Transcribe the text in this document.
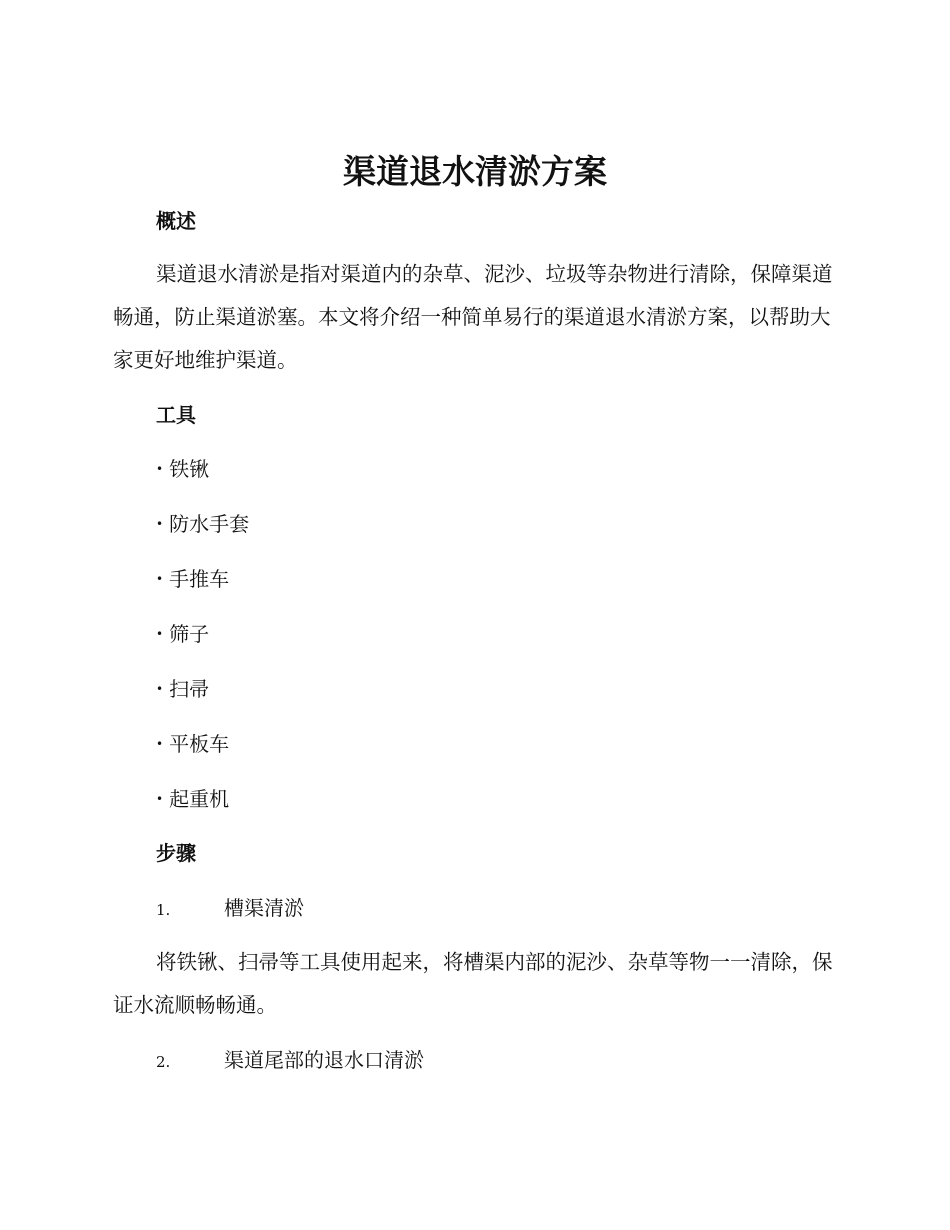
渠道退水清淤方案
概述

渠道退水清淤是指对渠道内的杂草、泥沙、垃圾等杂物进行清除，保障渠道畅通，防止渠道淤塞。本文将介绍一种简单易行的渠道退水清淤方案，以帮助大家更好地维护渠道。

工具

• 铁锹

• 防水手套

• 手推车

• 筛子

• 扫帚

• 平板车

• 起重机

步骤

1.	槽渠清淤

将铁锹、扫帚等工具使用起来，将槽渠内部的泥沙、杂草等物一一清除，保证水流顺畅畅通。

2.	渠道尾部的退水口清淤
